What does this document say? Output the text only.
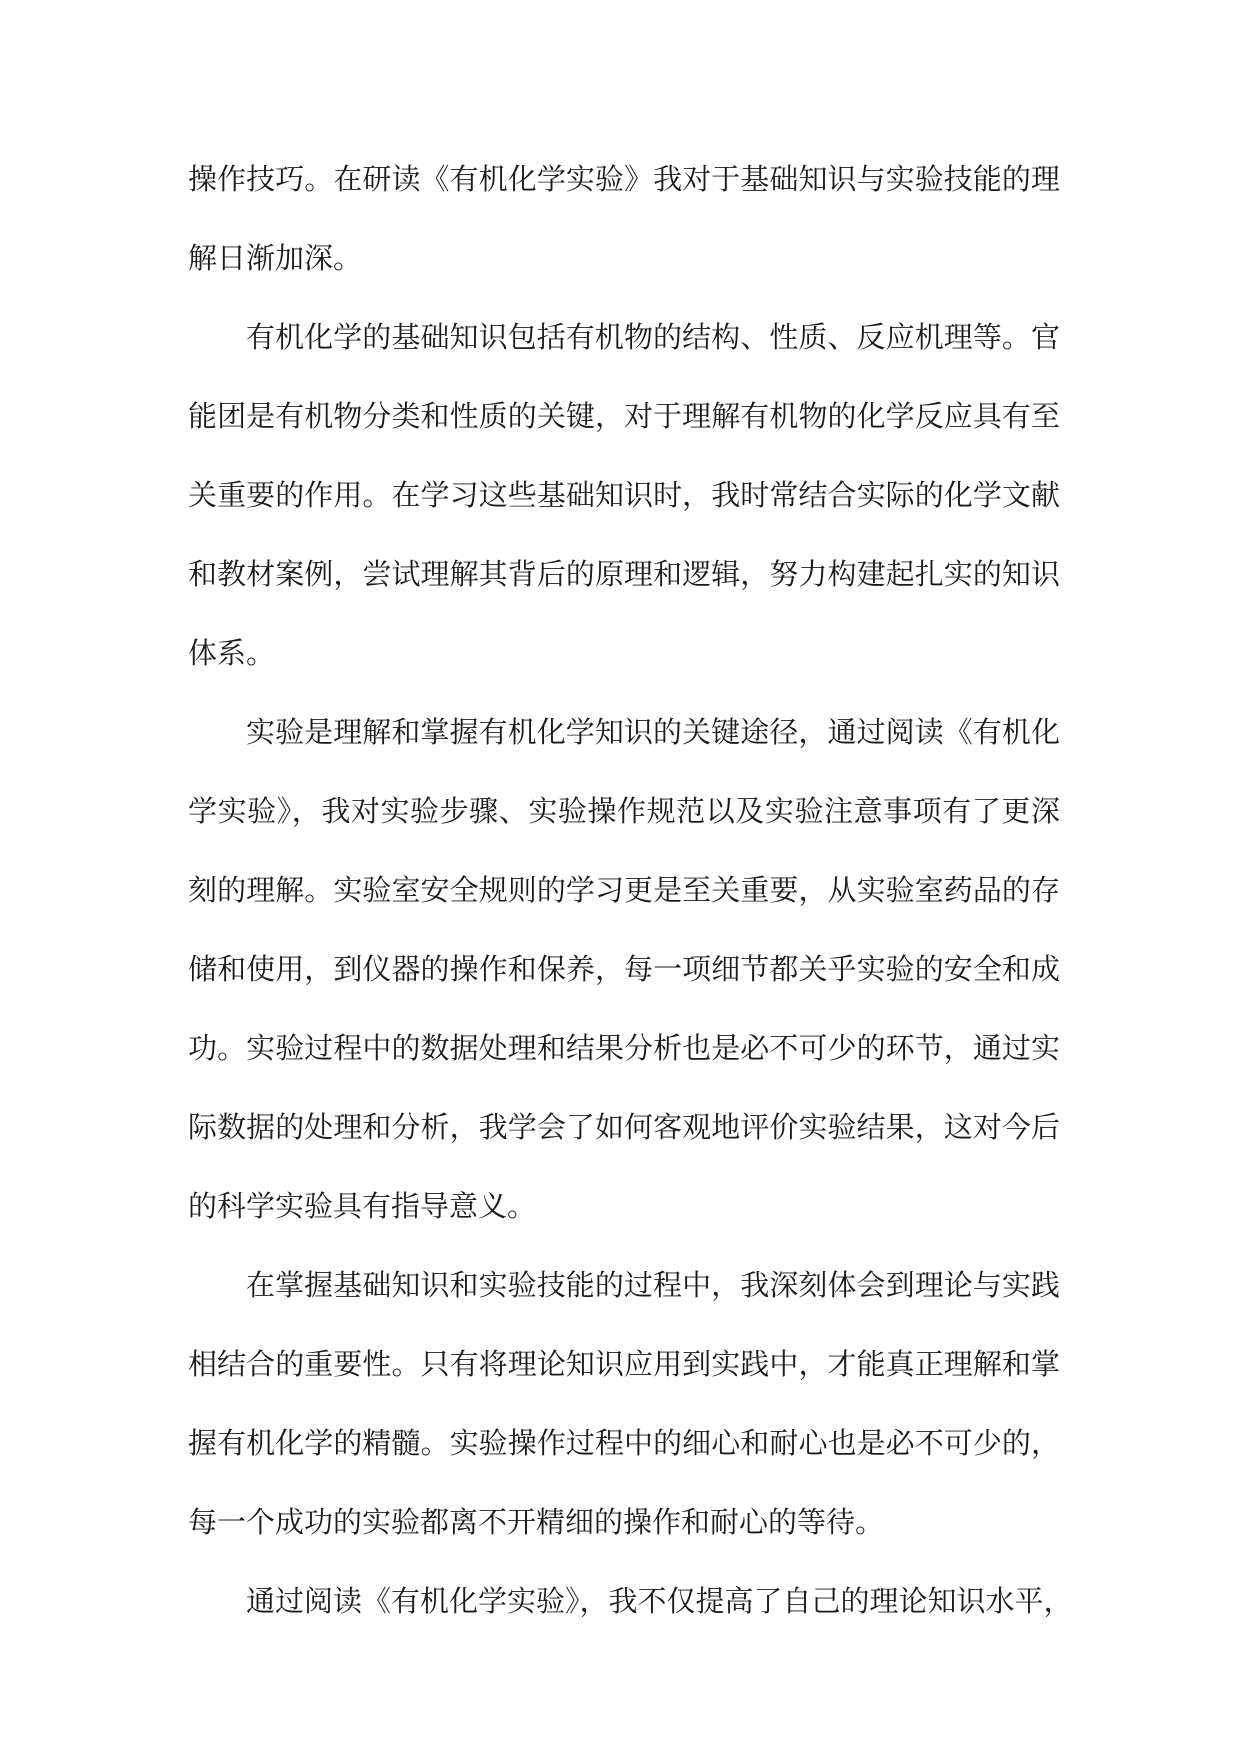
操作技巧。在研读《有机化学实验》我对于基础知识与实验技能的理
解日渐加深。
有机化学的基础知识包括有机物的结构、性质、反应机理等。官
能团是有机物分类和性质的关键，对于理解有机物的化学反应具有至
关重要的作用。在学习这些基础知识时，我时常结合实际的化学文献
和教材案例，尝试理解其背后的原理和逻辑，努力构建起扎实的知识
体系。
实验是理解和掌握有机化学知识的关键途径，通过阅读《有机化
学实验》，我对实验步骤、实验操作规范以及实验注意事项有了更深
刻的理解。实验室安全规则的学习更是至关重要，从实验室药品的存
储和使用，到仪器的操作和保养，每一项细节都关乎实验的安全和成
功。实验过程中的数据处理和结果分析也是必不可少的环节，通过实
际数据的处理和分析，我学会了如何客观地评价实验结果，这对今后
的科学实验具有指导意义。
在掌握基础知识和实验技能的过程中，我深刻体会到理论与实践
相结合的重要性。只有将理论知识应用到实践中，才能真正理解和掌
握有机化学的精髓。实验操作过程中的细心和耐心也是必不可少的，
每一个成功的实验都离不开精细的操作和耐心的等待。
通过阅读《有机化学实验》，我不仅提高了自己的理论知识水平，
